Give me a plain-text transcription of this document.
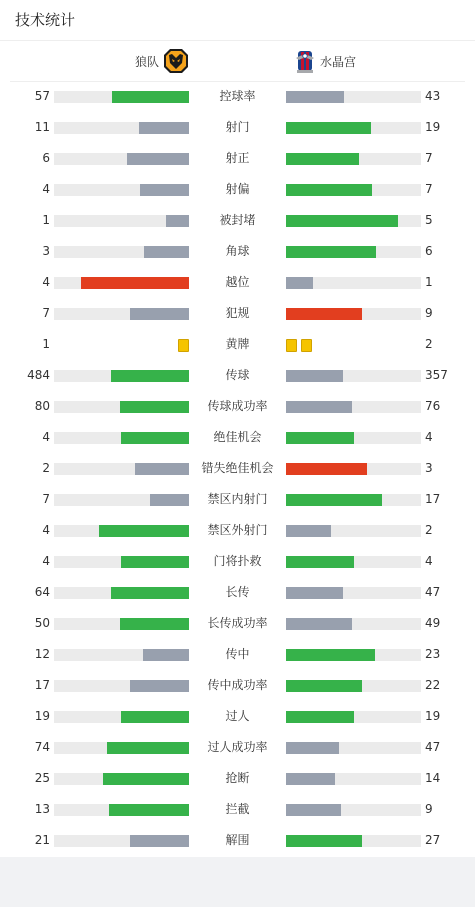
技术统计
狼队	水晶宫
57	控球率	43
11	射门	19
6	射正	7
4	射偏	7
1	被封堵	5
3	角球	6
4	越位	1
7	犯规	9
1	黄牌	2
484	传球	357
80	传球成功率	76
4	绝佳机会	4
2	错失绝佳机会	3
7	禁区内射门	17
4	禁区外射门	2
4	门将扑救	4
64	长传	47
50	长传成功率	49
12	传中	23
17	传中成功率	22
19	过人	19
74	过人成功率	47
25	抢断	14
13	拦截	9
21	解围	27
